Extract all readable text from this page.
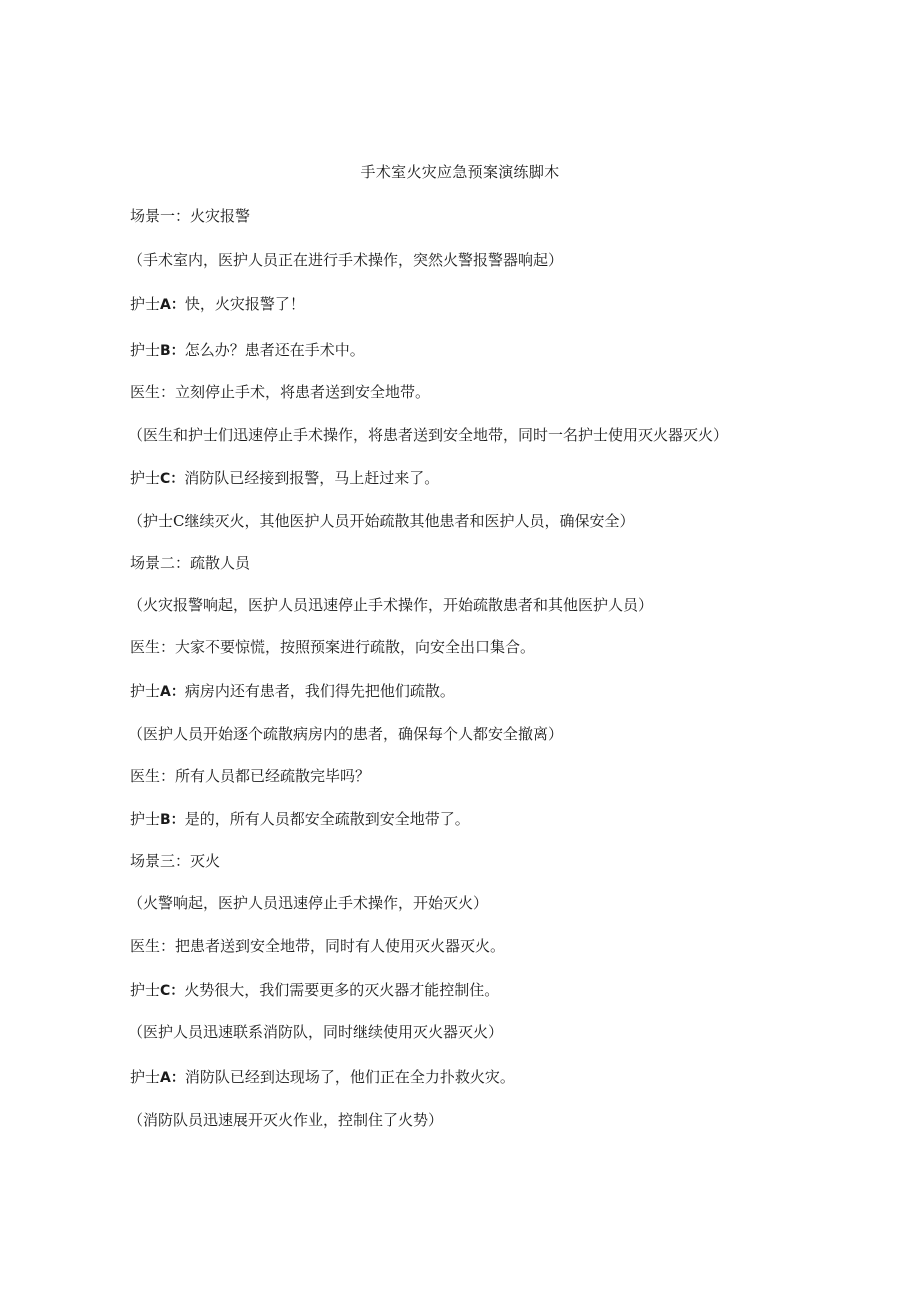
手术室火灾应急预案演练脚木
场景一：火灾报警
（手术室内，医护人员正在进行手术操作，突然火警报警器响起）
护士A：快，火灾报警了！
护士B：怎么办？患者还在手术中。
医生：立刻停止手术，将患者送到安全地带。
（医生和护士们迅速停止手术操作，将患者送到安全地带，同时一名护士使用灭火器灭火）
护士C：消防队已经接到报警，马上赶过来了。
（护士C继续灭火，其他医护人员开始疏散其他患者和医护人员，确保安全）
场景二：疏散人员
（火灾报警响起，医护人员迅速停止手术操作，开始疏散患者和其他医护人员）
医生：大家不要惊慌，按照预案进行疏散，向安全出口集合。
护士A：病房内还有患者，我们得先把他们疏散。
（医护人员开始逐个疏散病房内的患者，确保每个人都安全撤离）
医生：所有人员都已经疏散完毕吗？
护士B：是的，所有人员都安全疏散到安全地带了。
场景三：灭火
（火警响起，医护人员迅速停止手术操作，开始灭火）
医生：把患者送到安全地带，同时有人使用灭火器灭火。
护士C：火势很大，我们需要更多的灭火器才能控制住。
（医护人员迅速联系消防队，同时继续使用灭火器灭火）
护士A：消防队已经到达现场了，他们正在全力扑救火灾。
（消防队员迅速展开灭火作业，控制住了火势）
